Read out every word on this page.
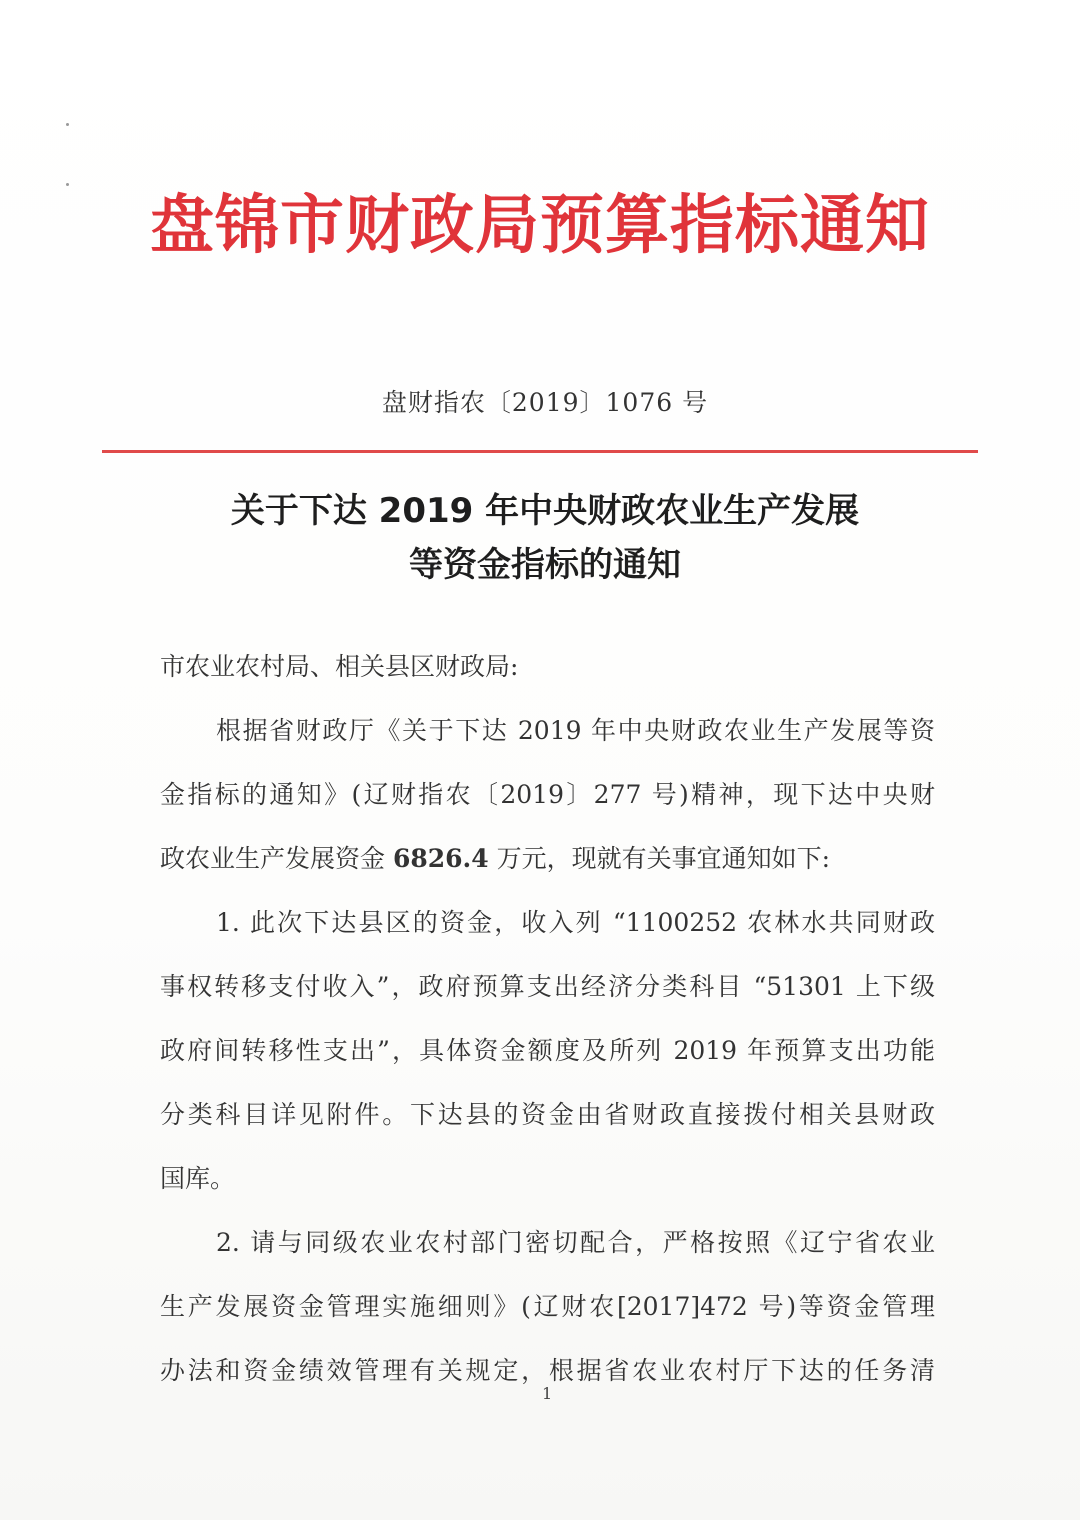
盘锦市财政局预算指标通知
盘财指农〔2019〕1076 号
关于下达 2019 年中央财政农业生产发展
等资金指标的通知
市农业农村局、相关县区财政局:
根据省财政厅《关于下达 2019 年中央财政农业生产发展等资
金指标的通知》(辽财指农〔2019〕277 号)精神，现下达中央财
政农业生产发展资金 6826.4 万元，现就有关事宜通知如下:
1. 此次下达县区的资金，收入列 “1100252 农林水共同财政
事权转移支付收入”，政府预算支出经济分类科目 “51301 上下级
政府间转移性支出”，具体资金额度及所列 2019 年预算支出功能
分类科目详见附件。下达县的资金由省财政直接拨付相关县财政
国库。
2. 请与同级农业农村部门密切配合，严格按照《辽宁省农业
生产发展资金管理实施细则》(辽财农[2017]472 号)等资金管理
办法和资金绩效管理有关规定，根据省农业农村厅下达的任务清
1
